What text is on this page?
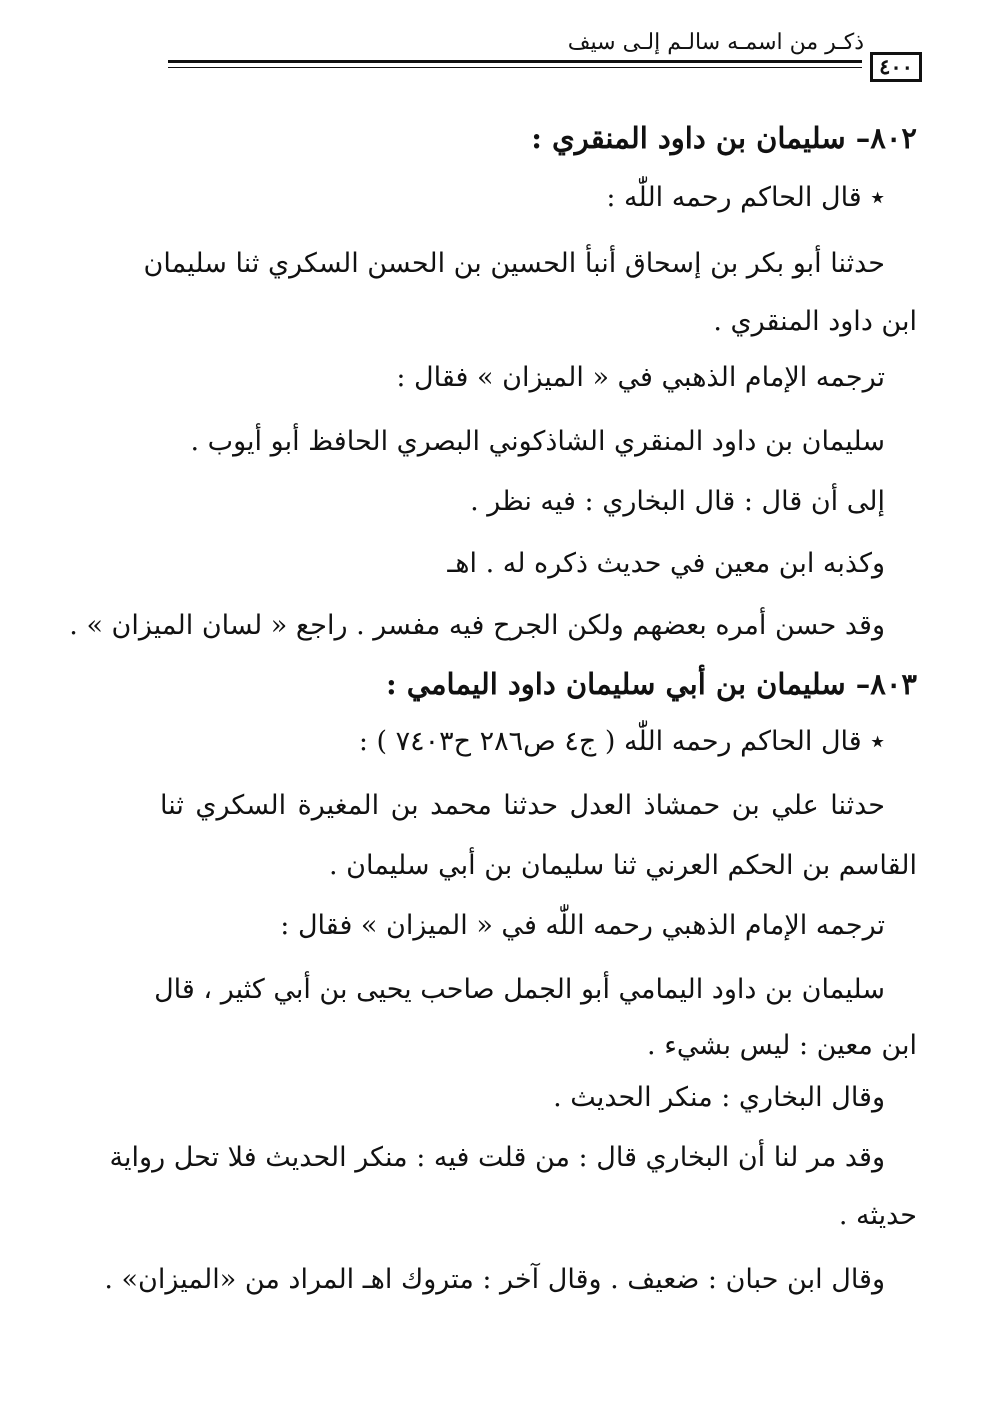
ذكـر من اسمـه سالـم إلـى سيف
٤٠٠
٨٠٢– سليمان بن داود المنقري :
٭ قال الحاكم رحمه اللّٰه :
حدثنا أبو بكر بن إسحاق أنبأ الحسين بن الحسن السكري ثنا سليمان
ابن داود المنقري .
ترجمه الإمام الذهبي في « الميزان » فقال :
سليمان بن داود المنقري الشاذكوني البصري الحافظ أبو أيوب .
إلى أن قال : قال البخاري : فيه نظر .
وكذبه ابن معين في حديث ذكره له . اهـ
وقد حسن أمره بعضهم ولكن الجرح فيه مفسر . راجع « لسان الميزان » .
٨٠٣– سليمان بن أبي سليمان داود اليمامي :
٭ قال الحاكم رحمه اللّٰه ( ج٤ ص٢٨٦ ح٧٤٠٣ ) :
حدثنا علي بن حمشاذ العدل حدثنا محمد بن المغيرة السكري ثنا
القاسم بن الحكم العرني ثنا سليمان بن أبي سليمان .
ترجمه الإمام الذهبي رحمه اللّٰه في « الميزان » فقال :
سليمان بن داود اليمامي أبو الجمل صاحب يحيى بن أبي كثير ، قال
ابن معين : ليس بشيء .
وقال البخاري : منكر الحديث .
وقد مر لنا أن البخاري قال : من قلت فيه : منكر الحديث فلا تحل رواية
حديثه .
وقال ابن حبان : ضعيف . وقال آخر : متروك اهـ المراد من «الميزان» .
